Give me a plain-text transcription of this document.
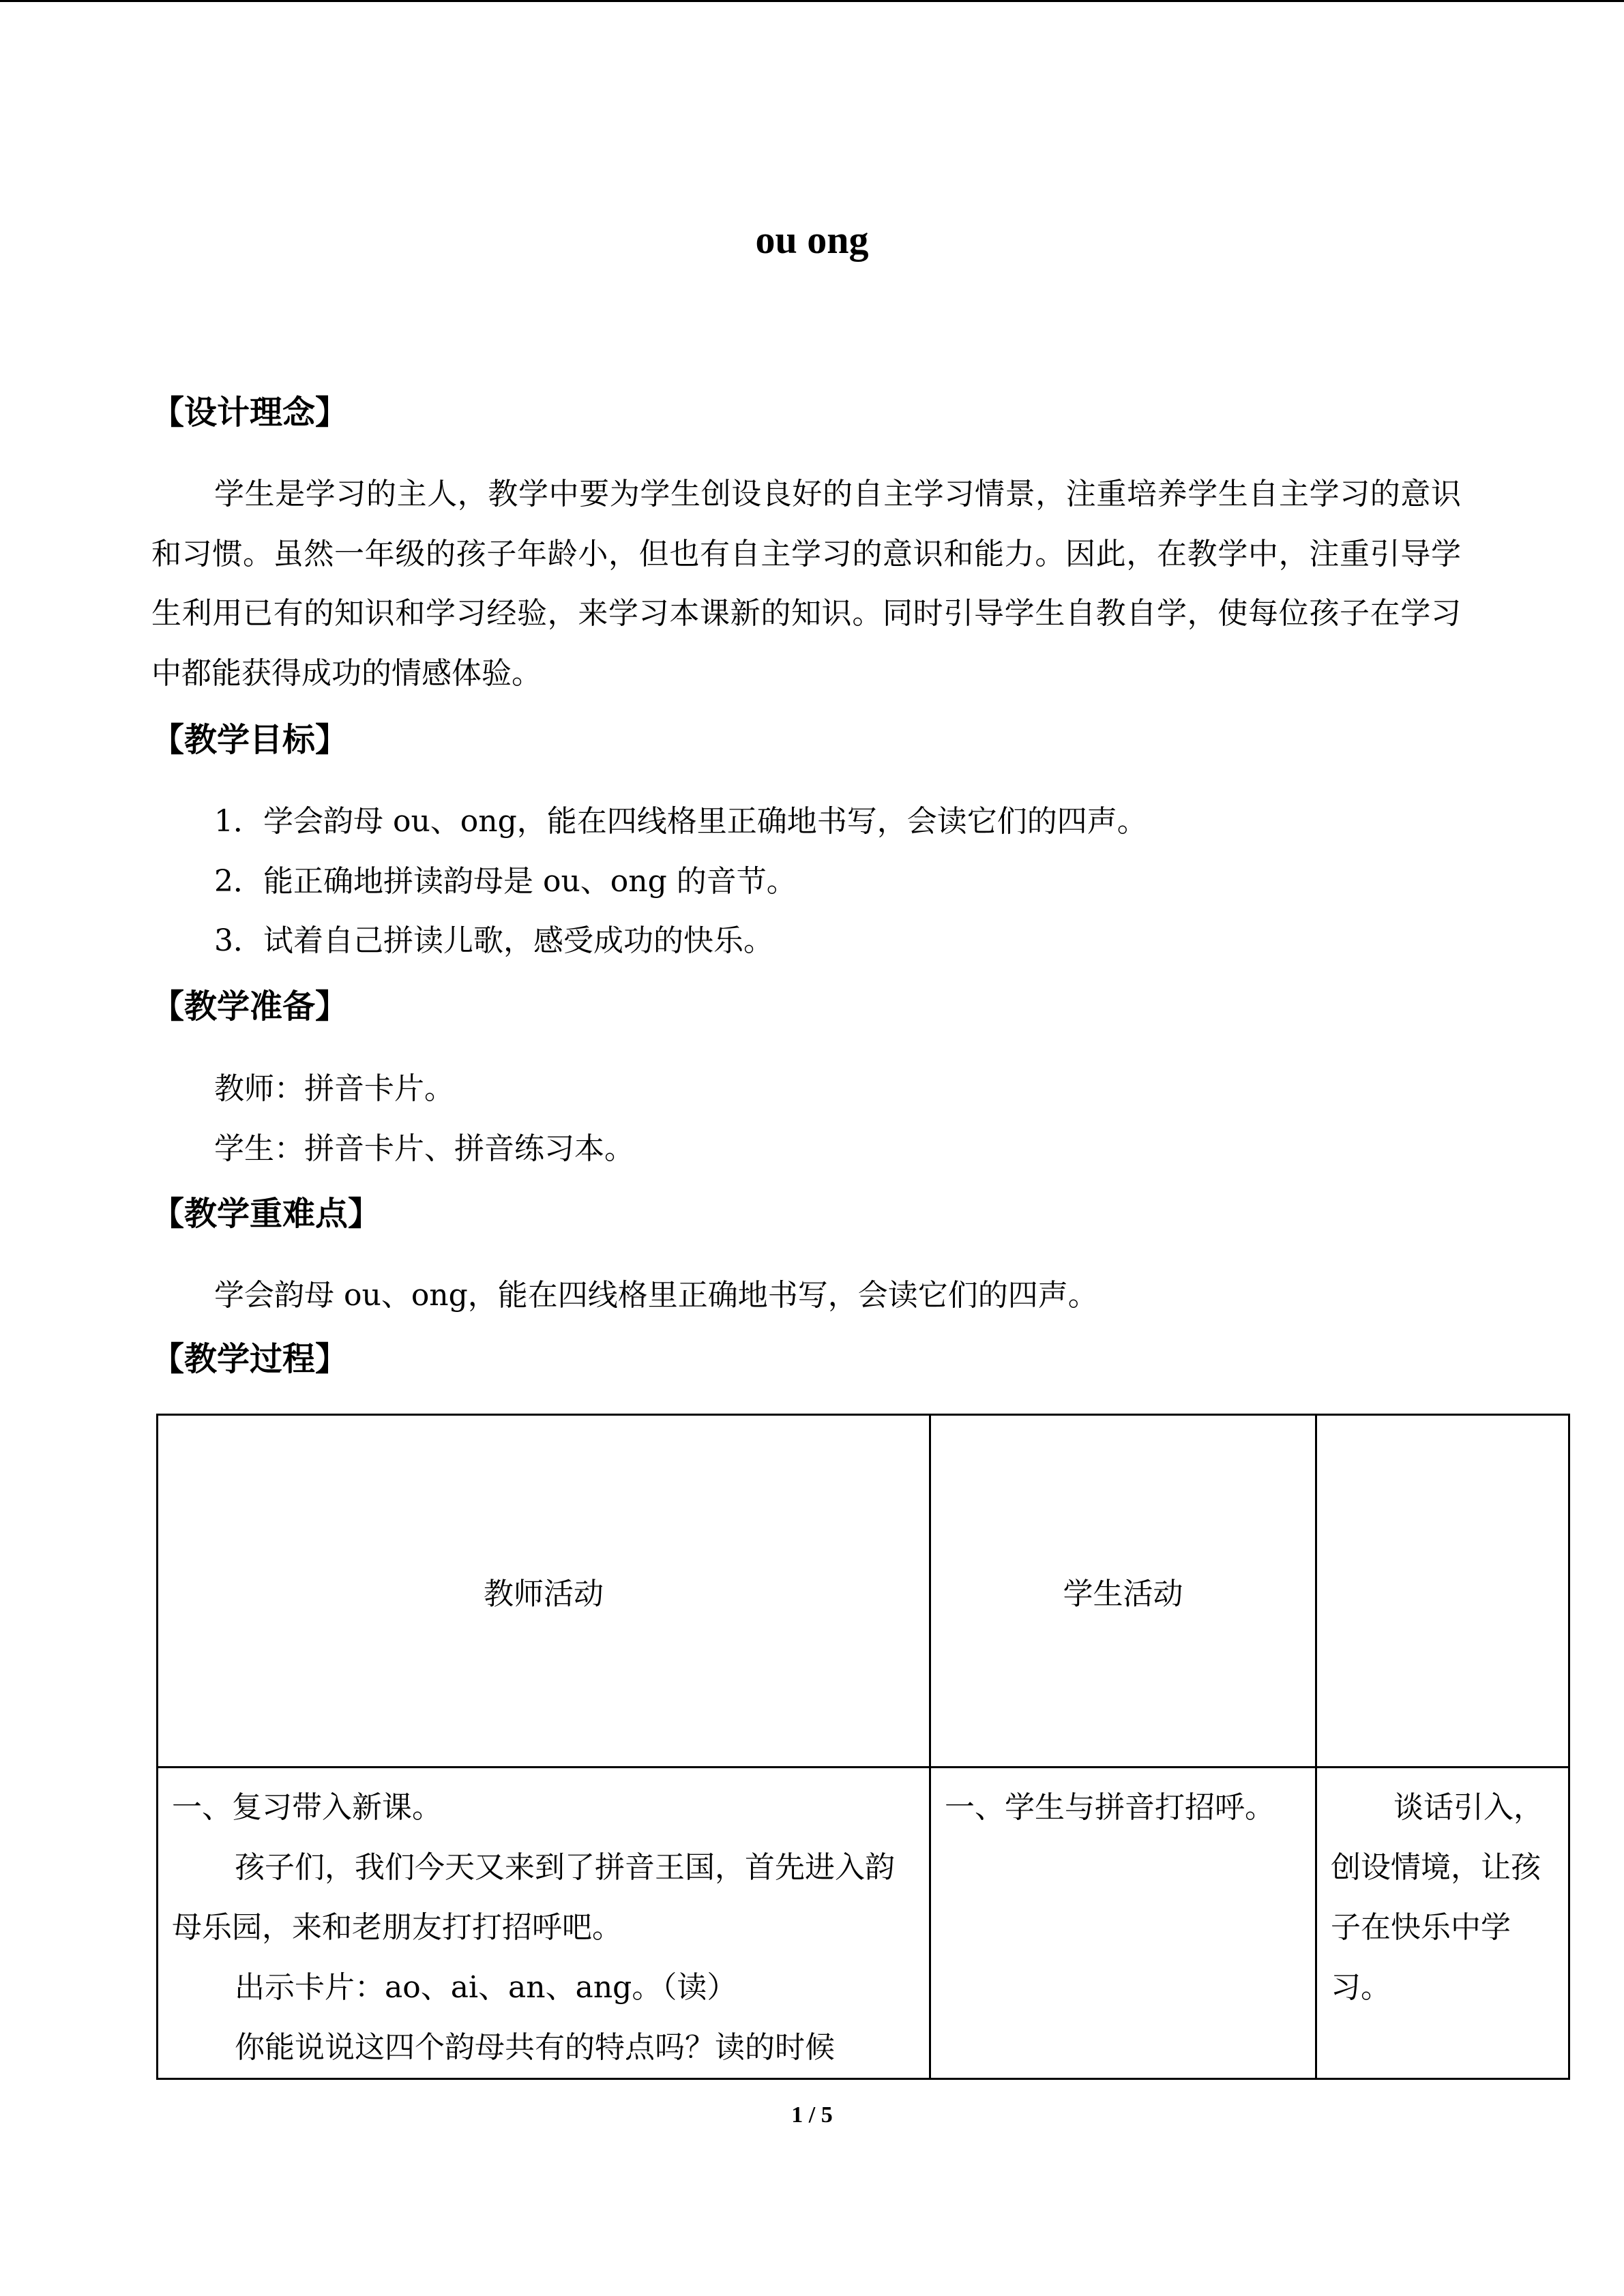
ou ong
【设计理念】
学生是学习的主人，教学中要为学生创设良好的自主学习情景，注重培养学生自主学习的意识和习惯。虽然一年级的孩子年龄小，但也有自主学习的意识和能力。因此，在教学中，注重引导学生利用已有的知识和学习经验，来学习本课新的知识。同时引导学生自教自学，使每位孩子在学习中都能获得成功的情感体验。
【教学目标】
1．学会韵母 ou、ong，能在四线格里正确地书写，会读它们的四声。
2．能正确地拼读韵母是 ou、ong 的音节。
3．试着自己拼读儿歌，感受成功的快乐。
【教学准备】
教师：拼音卡片。
学生：拼音卡片、拼音练习本。
【教学重难点】
学会韵母 ou、ong，能在四线格里正确地书写，会读它们的四声。
【教学过程】
教师活动	学生活动	

一、复习带入新课。

孩子们，我们今天又来到了拼音王国，首先进入韵母乐园，来和老朋友打打招呼吧。

出示卡片：ao、ai、an、ang。（读）

你能说说这四个韵母共有的特点吗？读的时候	一、学生与拼音打招呼。	谈话引入，创设情境，让孩子在快乐中学习。

1 / 5
